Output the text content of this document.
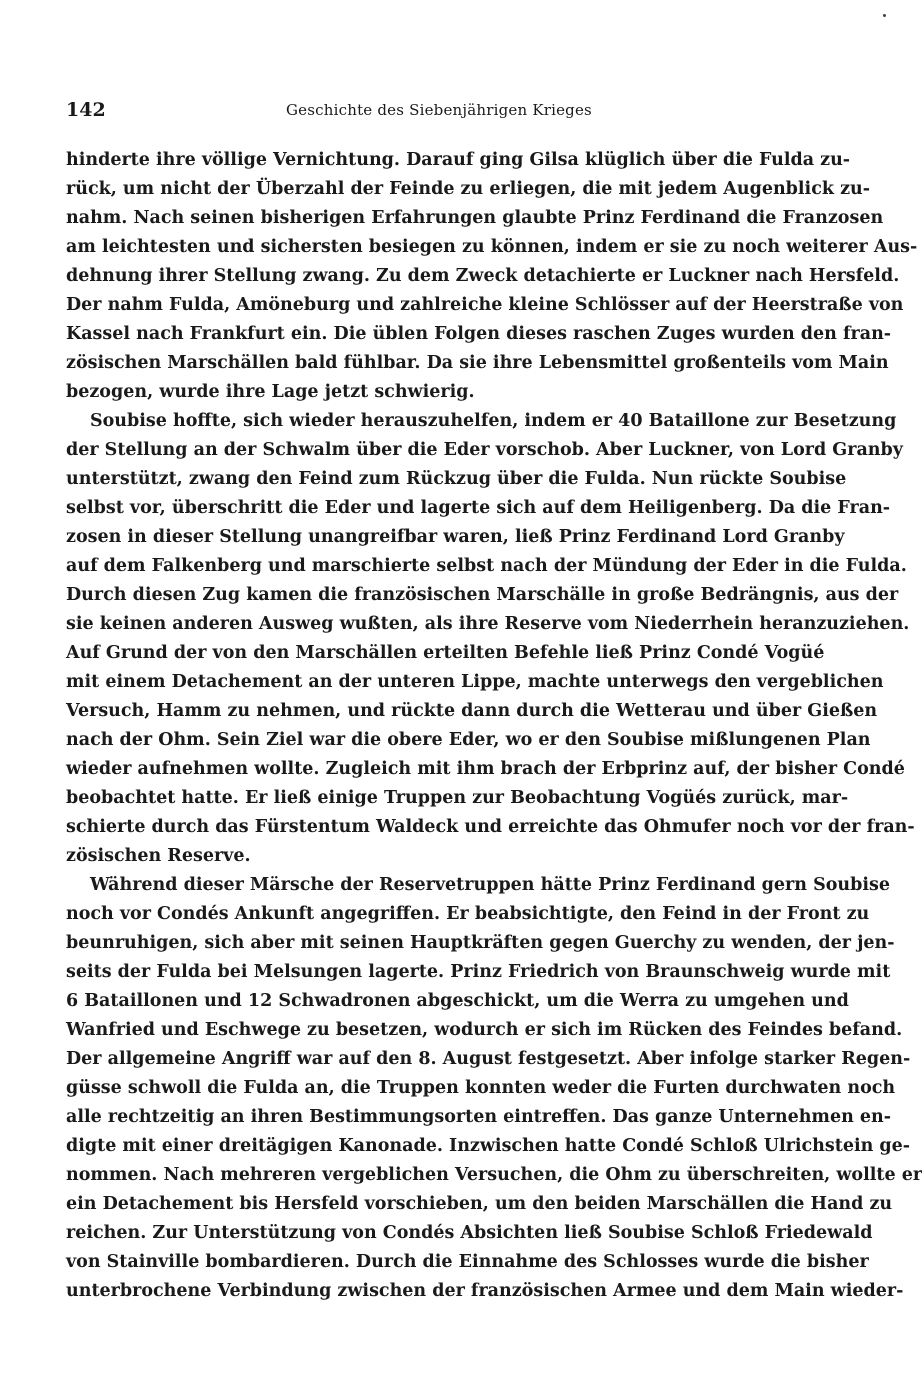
142	Geschichte des Siebenjährigen Krieges
hinderte ihre völlige Vernichtung. Darauf ging Gilsa klüglich über die Fulda zu-
rück, um nicht der Überzahl der Feinde zu erliegen, die mit jedem Augenblick zu-
nahm. Nach seinen bisherigen Erfahrungen glaubte Prinz Ferdinand die Franzosen
am leichtesten und sichersten besiegen zu können, indem er sie zu noch weiterer Aus-
dehnung ihrer Stellung zwang. Zu dem Zweck detachierte er Luckner nach Hersfeld.
Der nahm Fulda, Amöneburg und zahlreiche kleine Schlösser auf der Heerstraße von
Kassel nach Frankfurt ein. Die üblen Folgen dieses raschen Zuges wurden den fran-
zösischen Marschällen bald fühlbar. Da sie ihre Lebensmittel großenteils vom Main
bezogen, wurde ihre Lage jetzt schwierig.
Soubise hoffte, sich wieder herauszuhelfen, indem er 40 Bataillone zur Besetzung
der Stellung an der Schwalm über die Eder vorschob. Aber Luckner, von Lord Granby
unterstützt, zwang den Feind zum Rückzug über die Fulda. Nun rückte Soubise
selbst vor, überschritt die Eder und lagerte sich auf dem Heiligenberg. Da die Fran-
zosen in dieser Stellung unangreifbar waren, ließ Prinz Ferdinand Lord Granby
auf dem Falkenberg und marschierte selbst nach der Mündung der Eder in die Fulda.
Durch diesen Zug kamen die französischen Marschälle in große Bedrängnis, aus der
sie keinen anderen Ausweg wußten, als ihre Reserve vom Niederrhein heranzuziehen.
Auf Grund der von den Marschällen erteilten Befehle ließ Prinz Condé Vogüé
mit einem Detachement an der unteren Lippe, machte unterwegs den vergeblichen
Versuch, Hamm zu nehmen, und rückte dann durch die Wetterau und über Gießen
nach der Ohm. Sein Ziel war die obere Eder, wo er den Soubise mißlungenen Plan
wieder aufnehmen wollte. Zugleich mit ihm brach der Erbprinz auf, der bisher Condé
beobachtet hatte. Er ließ einige Truppen zur Beobachtung Vogüés zurück, mar-
schierte durch das Fürstentum Waldeck und erreichte das Ohmufer noch vor der fran-
zösischen Reserve.
Während dieser Märsche der Reservetruppen hätte Prinz Ferdinand gern Soubise
noch vor Condés Ankunft angegriffen. Er beabsichtigte, den Feind in der Front zu
beunruhigen, sich aber mit seinen Hauptkräften gegen Guerchy zu wenden, der jen-
seits der Fulda bei Melsungen lagerte. Prinz Friedrich von Braunschweig wurde mit
6 Bataillonen und 12 Schwadronen abgeschickt, um die Werra zu umgehen und
Wanfried und Eschwege zu besetzen, wodurch er sich im Rücken des Feindes befand.
Der allgemeine Angriff war auf den 8. August festgesetzt. Aber infolge starker Regen-
güsse schwoll die Fulda an, die Truppen konnten weder die Furten durchwaten noch
alle rechtzeitig an ihren Bestimmungsorten eintreffen. Das ganze Unternehmen en-
digte mit einer dreitägigen Kanonade. Inzwischen hatte Condé Schloß Ulrichstein ge-
nommen. Nach mehreren vergeblichen Versuchen, die Ohm zu überschreiten, wollte er
ein Detachement bis Hersfeld vorschieben, um den beiden Marschällen die Hand zu
reichen. Zur Unterstützung von Condés Absichten ließ Soubise Schloß Friedewald
von Stainville bombardieren. Durch die Einnahme des Schlosses wurde die bisher
unterbrochene Verbindung zwischen der französischen Armee und dem Main wieder-
